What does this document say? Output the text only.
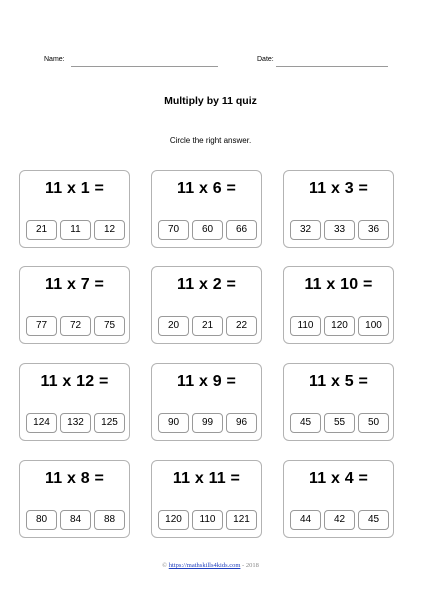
Name:	Date:
Multiply by 11 quiz
Circle the right answer.
11 x 1 =
21	11	12
11 x 6 =
70	60	66
11 x 3 =
32	33	36
11 x 7 =
77	72	75
11 x 2 =
20	21	22
11 x 10 =
110	120	100
11 x 12 =
124	132	125
11 x 9 =
90	99	96
11 x 5 =
45	55	50
11 x 8 =
80	84	88
11 x 11 =
120	110	121
11 x 4 =
44	42	45
© https://mathskills4kids.com - 2018
